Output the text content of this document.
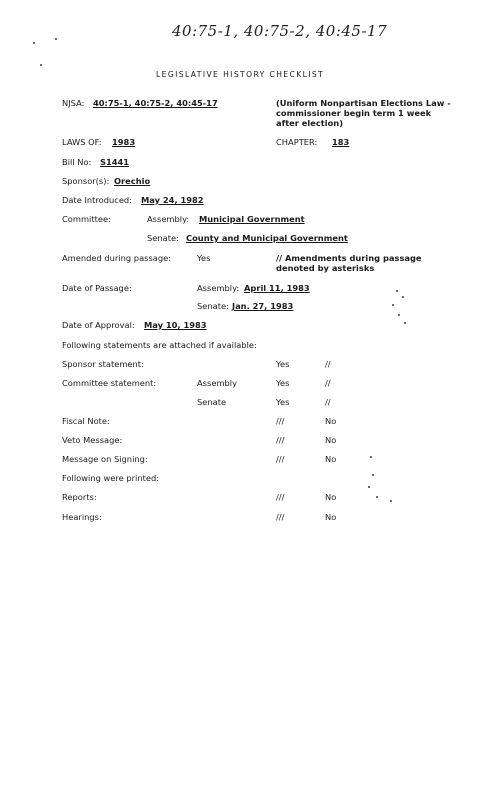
40:75-1, 40:75-2, 40:45-17
LEGISLATIVE HISTORY CHECKLIST
NJSA: 40:75-1, 40:75-2, 40:45-17	(Uniform Nonpartisan Elections Law - commissioner begin term 1 week after election)
LAWS OF: 1983	CHAPTER: 183
Bill No: S1441
Sponsor(s): Orechio
Date Introduced: May 24, 1982
Committee:	Assembly: Municipal Government
Senate: County and Municipal Government
Amended during passage:	Yes	// Amendments during passage denoted by asterisks
Date of Passage:	Assembly: April 11, 1983
Senate: Jan. 27, 1983
Date of Approval: May 10, 1983
Following statements are attached if available:
Sponsor statement:	Yes	//
Committee statement:	Assembly	Yes	//
Senate	Yes	//
Fiscal Note:	///	No
Veto Message:	///	No
Message on Signing:	///	No
Following were printed:
Reports:	///	No
Hearings:	///	No
